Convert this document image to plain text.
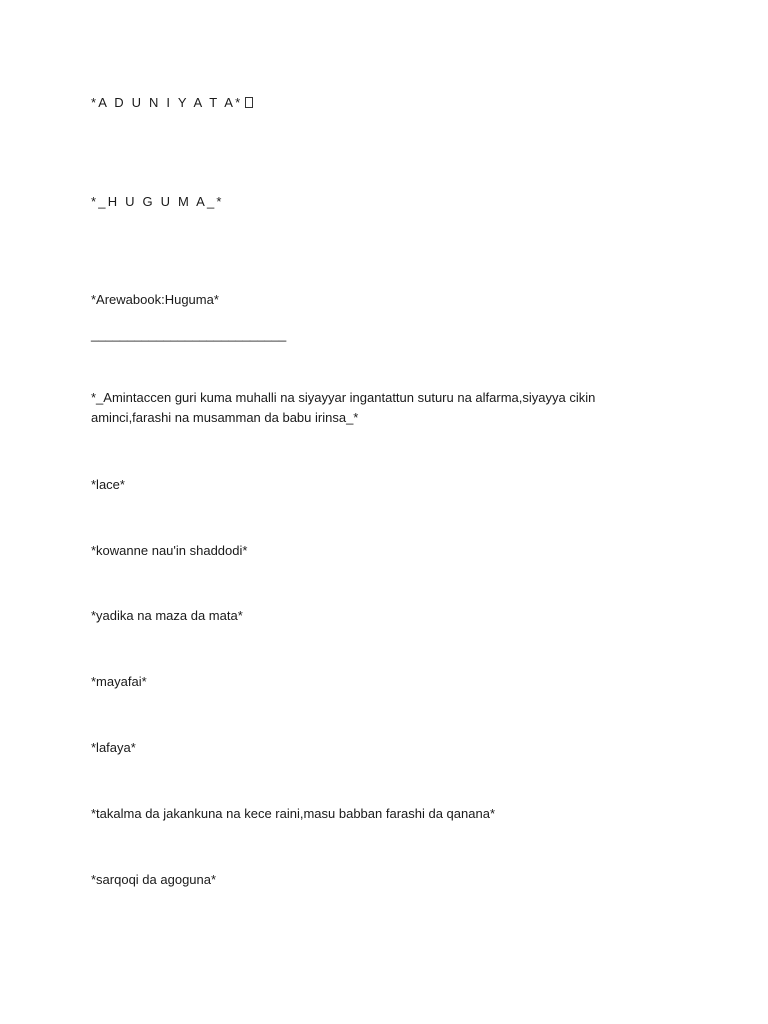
*A D U N I Y A T A*
*_H U G U M A_*
*Arewabook:Huguma*
___________________________
*_Amintaccen guri kuma muhalli na siyayyar ingantattun suturu na alfarma,siyayya cikin aminci,farashi na musamman da babu irinsa_*
*lace*
*kowanne nau'in shaddodi*
*yadika na maza da mata*
*mayafai*
*lafaya*
*takalma da jakankuna na kece raini,masu babban farashi da qanana*
*sarqoqi da agoguna*
